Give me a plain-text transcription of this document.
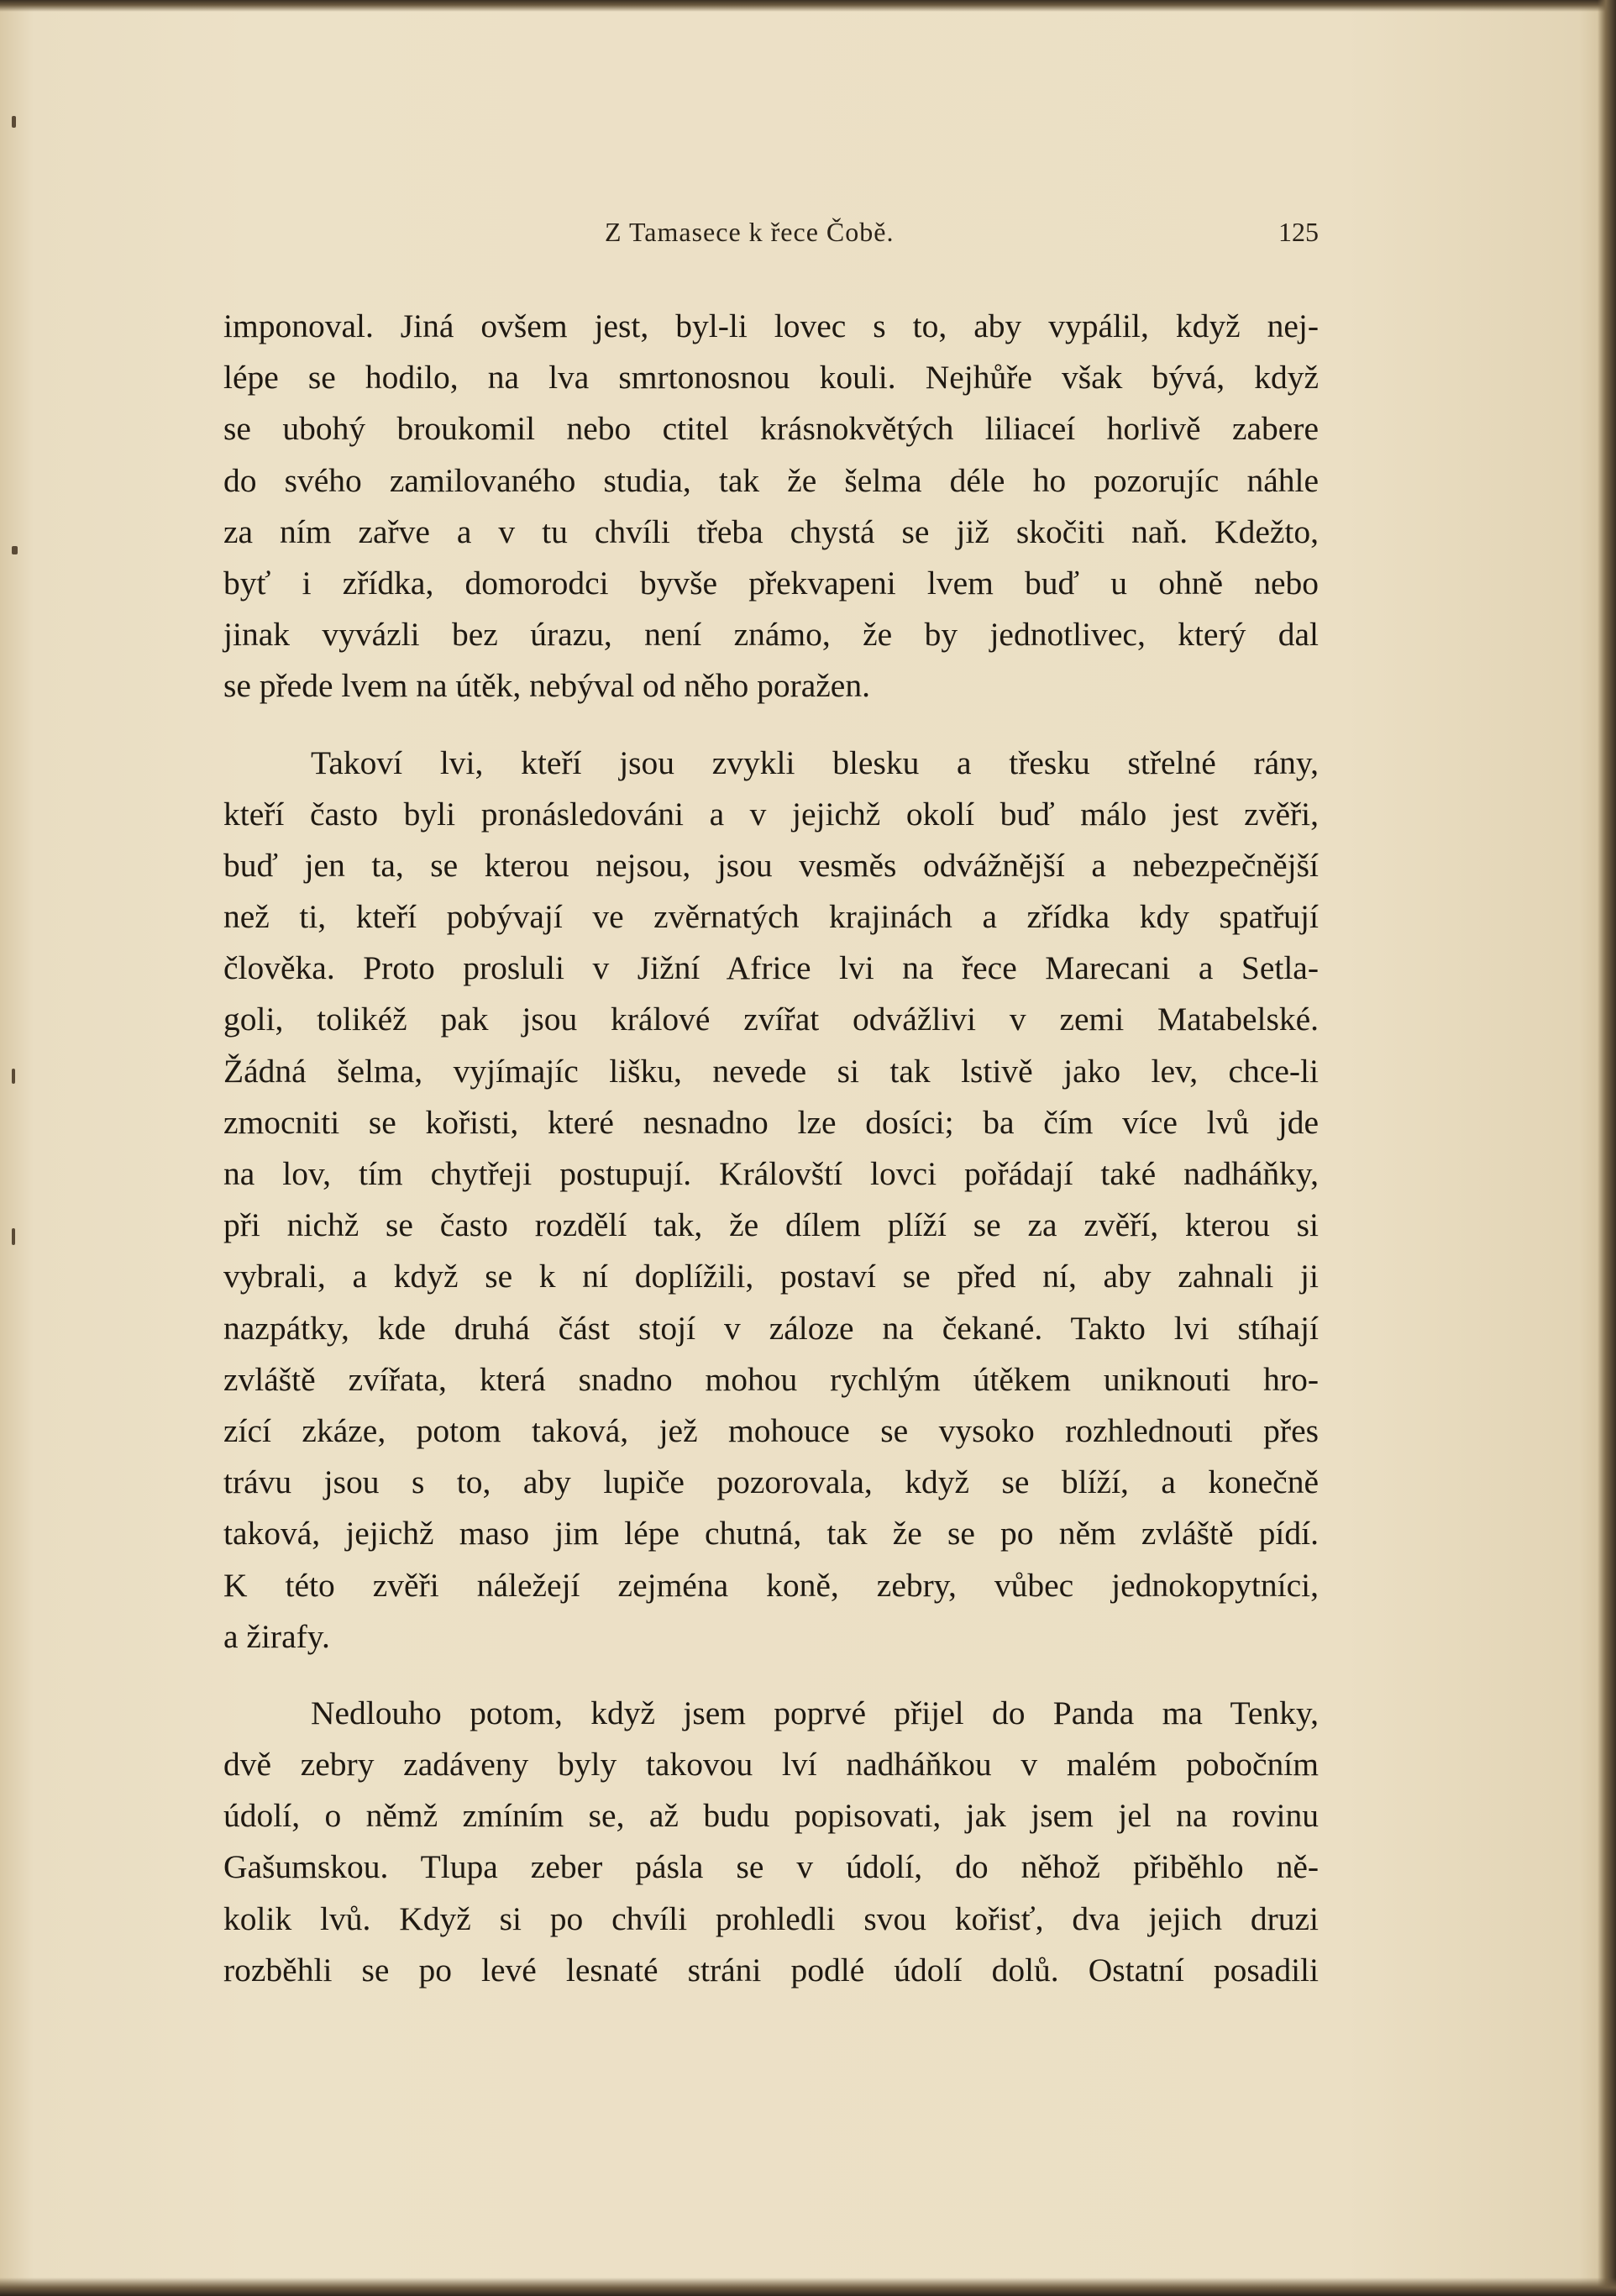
Z Tamasece k řece Čobě.	125

imponoval. Jiná ovšem jest, byl-li lovec s to, aby vypálil, když nej-
lépe se hodilo, na lva smrtonosnou kouli. Nejhůře však bývá, když
se ubohý broukomil nebo ctitel krásnokvětých liliaceí horlivě zabere
do svého zamilovaného studia, tak že šelma déle ho pozorujíc náhle
za ním zařve a v tu chvíli třeba chystá se již skočiti naň. Kdežto,
byť i zřídka, domorodci byvše překvapeni lvem buď u ohně nebo
jinak vyvázli bez úrazu, není známo, že by jednotlivec, který dal
se přede lvem na útěk, nebýval od něho poražen.

Takoví lvi, kteří jsou zvykli blesku a třesku střelné rány,
kteří často byli pronásledováni a v jejichž okolí buď málo jest zvěři,
buď jen ta, se kterou nejsou, jsou vesměs odvážnější a nebezpečnější
než ti, kteří pobývají ve zvěrnatých krajinách a zřídka kdy spatřují
člověka. Proto prosluli v Jižní Africe lvi na řece Marecani a Setla-
goli, tolikéž pak jsou králové zvířat odvážlivi v zemi Matabelské.
Žádná šelma, vyjímajíc lišku, nevede si tak lstivě jako lev, chce-li
zmocniti se kořisti, které nesnadno lze dosíci; ba čím více lvů jde
na lov, tím chytřeji postupují. Královští lovci pořádají také nadháňky,
při nichž se často rozdělí tak, že dílem plíží se za zvěří, kterou si
vybrali, a když se k ní doplížili, postaví se před ní, aby zahnali ji
nazpátky, kde druhá část stojí v záloze na čekané. Takto lvi stíhají
zvláště zvířata, která snadno mohou rychlým útěkem uniknouti hro-
zící zkáze, potom taková, jež mohouce se vysoko rozhlednouti přes
trávu jsou s to, aby lupiče pozorovala, když se blíží, a konečně
taková, jejichž maso jim lépe chutná, tak že se po něm zvláště pídí.
K této zvěři náležejí zejména koně, zebry, vůbec jednokopytníci,
a žirafy.

Nedlouho potom, když jsem poprvé přijel do Panda ma Tenky,
dvě zebry zadáveny byly takovou lví nadháňkou v malém pobočním
údolí, o němž zmíním se, až budu popisovati, jak jsem jel na rovinu
Gašumskou. Tlupa zeber pásla se v údolí, do něhož přiběhlo ně-
kolik lvů. Když si po chvíli prohledli svou kořisť, dva jejich druzi
rozběhli se po levé lesnaté stráni podlé údolí dolů. Ostatní posadili
